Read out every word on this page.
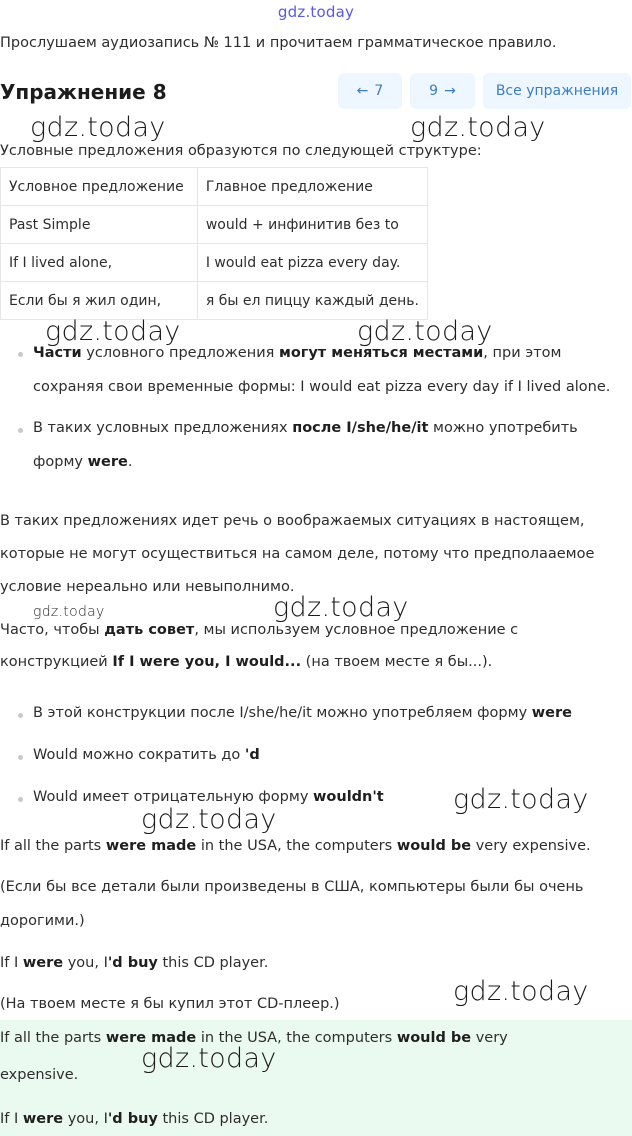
gdz.today
Прослушаем аудиозапись № 111 и прочитаем грамматическое правило.
Упражнение 8	← 7	9 →	Все упражнения
Условные предложения образуются по следующей структуре:
Условное предложение	Главное предложение
Past Simple	would + инфинитив без to
If I lived alone,	I would eat pizza every day.
Если бы я жил один,	я бы ел пиццу каждый день.
Части условного предложения могут меняться местами, при этом
сохраняя свои временные формы: I would eat pizza every day if I lived alone.
В таких условных предложениях после I/she/he/it можно употребить
форму were.
В таких предложениях идет речь о воображаемых ситуациях в настоящем,
которые не могут осуществиться на самом деле, потому что предполааемое
условие нереально или невыполнимо.
Часто, чтобы дать совет, мы используем условное предложение с
конструкцией If I were you, I would... (на твоем месте я бы...).
В этой конструкции после I/she/he/it можно употребляем форму were
Would можно сократить до 'd
Would имеет отрицательную форму wouldn't
If all the parts were made in the USA, the computers would be very expensive.
(Если бы все детали были произведены в США, компьютеры были бы очень
дорогими.)
If I were you, I'd buy this CD player.
(На твоем месте я бы купил этот CD-плеер.)
If all the parts were made in the USA, the computers would be very
expensive.
If I were you, I'd buy this CD player.
gdz.today	gdz.today
gdz.today	gdz.today
gdz.today	gdz.today
gdz.today
gdz.today
gdz.today
gdz.today
